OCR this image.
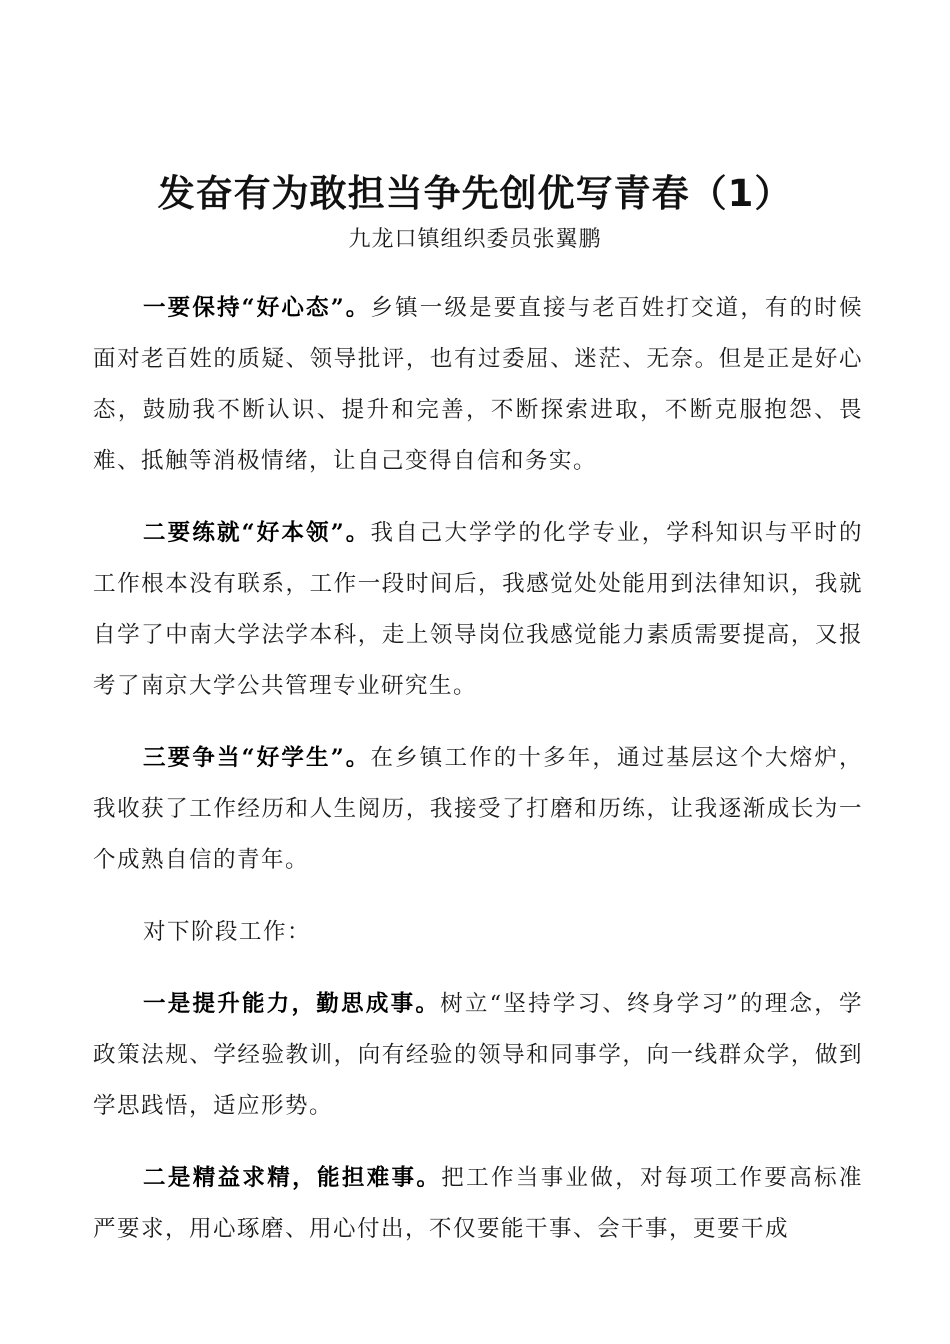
发奋有为敢担当争先创优写青春（1）
九龙口镇组织委员张翼鹏

一要保持“好心态”。乡镇一级是要直接与老百姓打交道，有的时候面对老百姓的质疑、领导批评，也有过委屈、迷茫、无奈。但是正是好心态，鼓励我不断认识、提升和完善，不断探索进取，不断克服抱怨、畏难、抵触等消极情绪，让自己变得自信和务实。

二要练就“好本领”。我自己大学学的化学专业，学科知识与平时的工作根本没有联系，工作一段时间后，我感觉处处能用到法律知识，我就自学了中南大学法学本科，走上领导岗位我感觉能力素质需要提高，又报考了南京大学公共管理专业研究生。

三要争当“好学生”。在乡镇工作的十多年，通过基层这个大熔炉，我收获了工作经历和人生阅历，我接受了打磨和历练，让我逐渐成长为一个成熟自信的青年。

对下阶段工作：

一是提升能力，勤思成事。树立“坚持学习、终身学习”的理念，学政策法规、学经验教训，向有经验的领导和同事学，向一线群众学，做到学思践悟，适应形势。

二是精益求精，能担难事。把工作当事业做，对每项工作要高标准严要求，用心琢磨、用心付出，不仅要能干事、会干事，更要干成
